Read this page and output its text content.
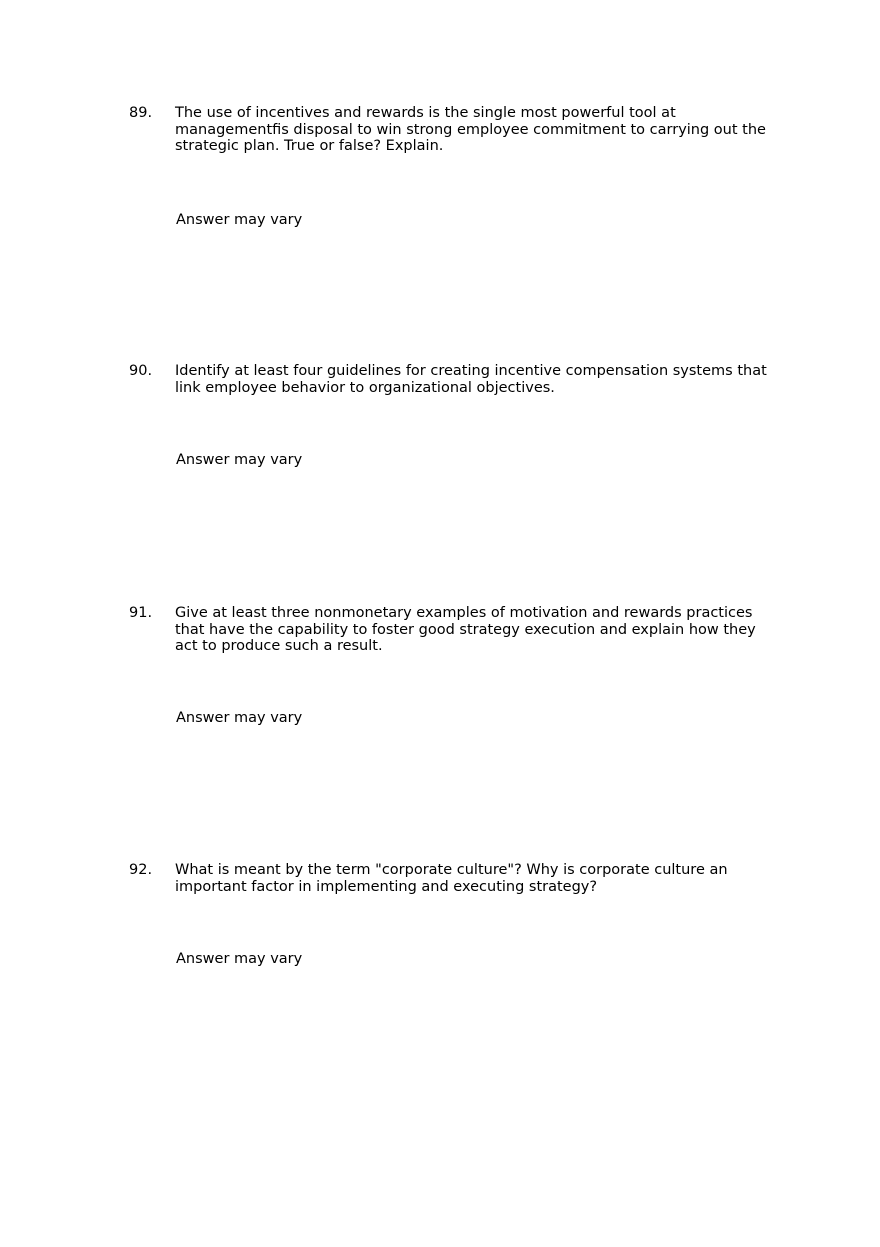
89.	The use of incentives and rewards is the single most powerful tool at managementﬁs disposal to win strong employee commitment to carrying out the strategic plan. True or false? Explain.
Answer may vary
90.	Identify at least four guidelines for creating incentive compensation systems that link employee behavior to organizational objectives.
Answer may vary
91.	Give at least three nonmonetary examples of motivation and rewards practices that have the capability to foster good strategy execution and explain how they act to produce such a result.
Answer may vary
92.	What is meant by the term "corporate culture"? Why is corporate culture an important factor in implementing and executing strategy?
Answer may vary
